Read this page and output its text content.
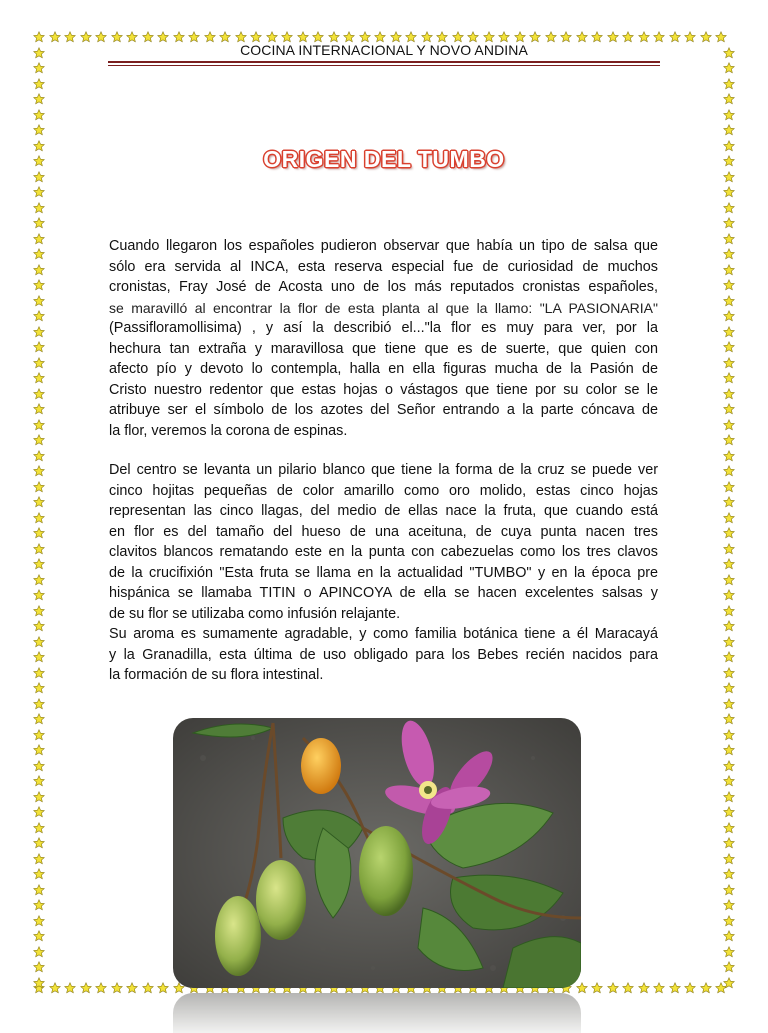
COCINA INTERNACIONAL Y NOVO ANDINA
ORIGEN DEL TUMBO
Cuando llegaron los españoles pudieron observar que había un tipo de salsa que
sólo era servida al INCA, esta reserva especial fue de curiosidad de muchos
cronistas, Fray José de Acosta uno de los más reputados cronistas españoles,
se maravilló al encontrar la flor de esta planta al que la llamo: "LA PASIONARIA"
(Passifloramollisima) , y así la describió el..."la flor es muy para ver, por la
hechura tan extraña y maravillosa que tiene que es de suerte, que quien con
afecto pío y devoto lo contempla, halla en ella figuras mucha de la Pasión de
Cristo nuestro redentor que estas hojas o vástagos que tiene por su color se le
atribuye ser el símbolo de los azotes del Señor entrando a la parte cóncava de
la flor, veremos la corona de espinas.
Del centro se levanta un pilario blanco que tiene la forma de la cruz se puede ver
cinco hojitas pequeñas de color amarillo como oro molido, estas cinco hojas
representan las cinco llagas, del medio de ellas nace la fruta, que cuando está
en flor es del tamaño del hueso de una aceituna, de cuya punta nacen tres
clavitos blancos rematando este en la punta con cabezuelas como los tres clavos
de la crucifixión "Esta fruta se llama en la actualidad "TUMBO" y en la época pre
hispánica se llamaba TITIN o APINCOYA de ella se hacen excelentes salsas y
de su flor se utilizaba como infusión relajante.
Su aroma es sumamente agradable, y como familia botánica tiene a él Maracayá
y la Granadilla, esta última de uso obligado para los Bebes recién nacidos para
la formación de su flora intestinal.
